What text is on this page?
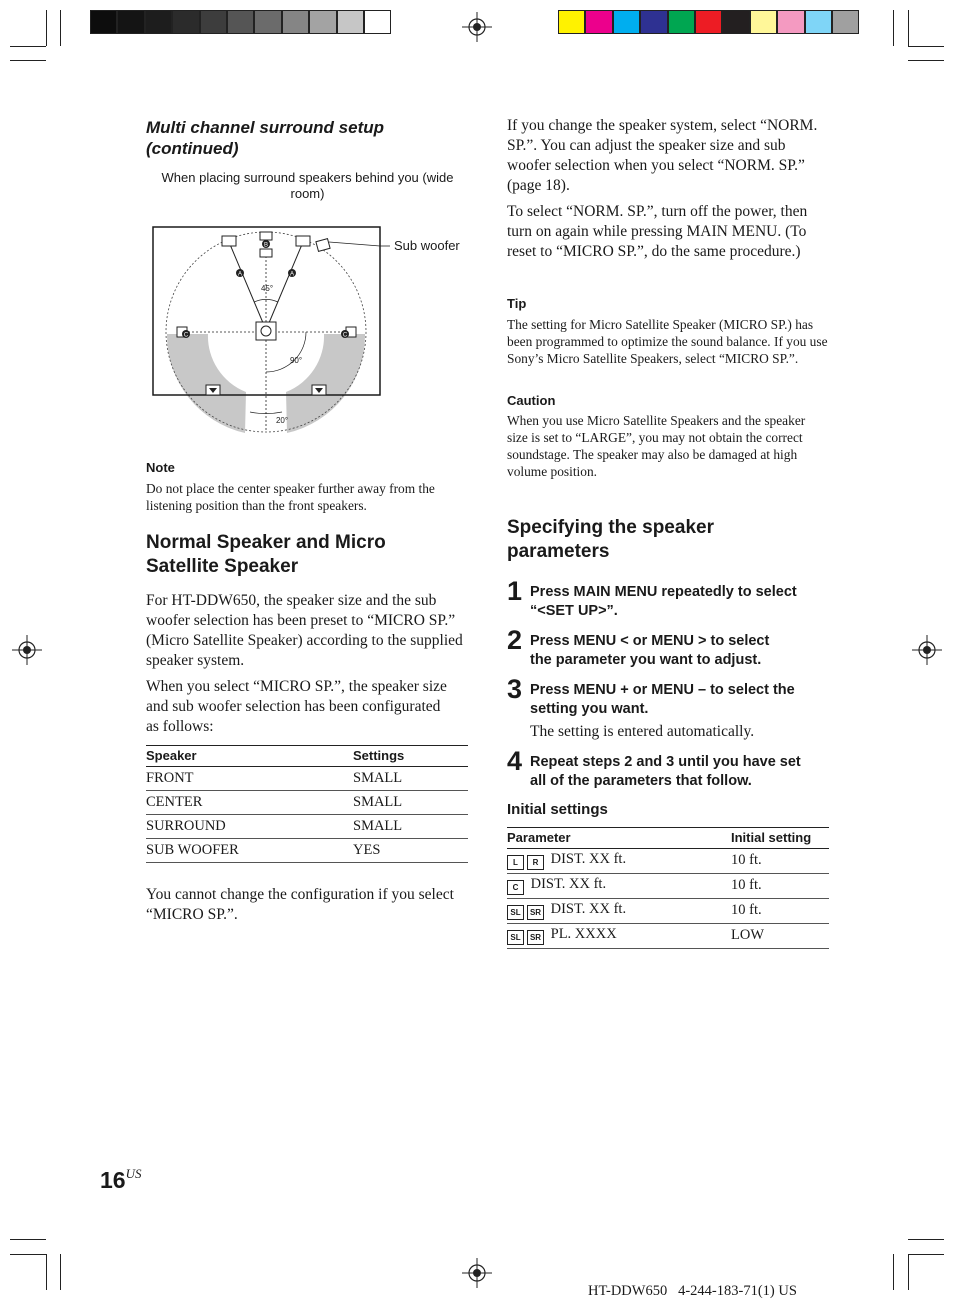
Multi channel surround setup (continued)
When placing surround speakers behind you (wide room)
A	A
B
C	C
45°
90°
20°
Sub woofer
Note
Do not place the center speaker further away from the listening position than the front speakers.
Normal Speaker and Micro Satellite Speaker
For HT-DDW650, the speaker size and the sub woofer selection has been preset to “MICRO SP.” (Micro Satellite Speaker) according to the supplied speaker system.
When you select “MICRO SP.”, the speaker size and sub woofer selection has been configurated as follows:
Speaker	Settings
FRONT	SMALL
CENTER	SMALL
SURROUND	SMALL
SUB WOOFER	YES
You cannot change the configuration if you select “MICRO SP.”.
If you change the speaker system, select “NORM. SP.”. You can adjust the speaker size and sub woofer selection when you select “NORM. SP.” (page 18).
To select “NORM. SP.”, turn off the power, then turn on again while pressing MAIN MENU. (To reset to “MICRO SP.”, do the same procedure.)
Tip
The setting for Micro Satellite Speaker (MICRO SP.) has been programmed to optimize the sound balance. If you use Sony’s Micro Satellite Speakers, select “MICRO SP.”.
Caution
When you use Micro Satellite Speakers and the speaker size is set to “LARGE”, you may not obtain the correct soundstage. The speaker may also be damaged at high volume position.
Specifying the speaker parameters
1 Press MAIN MENU repeatedly to select
“<SET UP>”.
2 Press MENU < or MENU > to select
the parameter you want to adjust.
3 Press MENU + or MENU – to select the
setting you want.
The setting is entered automatically.
4 Repeat steps 2 and 3 until you have set
all of the parameters that follow.
Initial settings
Parameter	Initial setting
L R DIST. XX ft.	10 ft.
C DIST. XX ft.	10 ft.
SL SR DIST. XX ft.	10 ft.
SL SR PL. XXXX	LOW
$16^{US}$
HT-DDW650   4-244-183-71(1) US
